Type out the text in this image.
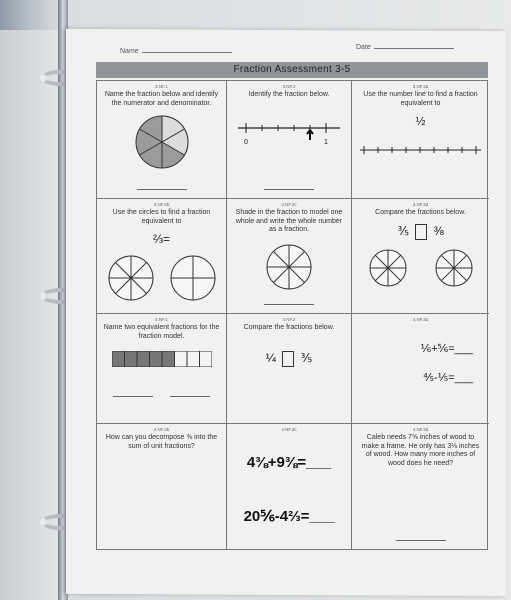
Name
Date
Fraction Assessment 3-5
3.NF.1
Name the fraction below and identify the numerator and denominator.
3.NF.2
Identify the fraction below.
0	1
3.NF.3a
Use the number line to find a fraction equivalent to
½
3.NF.3b
Use the circles to find a fraction equivalent to
⅔=
3.NF.3c
Shade in the fraction to model one whole and write the whole number as a fraction.
3.NF.3d
Compare the fractions below.
⅗ ⅜
4.NF.1
Name two equivalent fractions for the fraction model.
4.NF.2
Compare the fractions below.
¼ ⅗
4.NF.3a
⅙+⅚=___
⅘-⅕=___
4.NF.3b
How can you decompose ⅜ into the sum of unit fractions?
4.NF.3c
4⅜+9⅜=___
20⅚-4⅔=___
4.NF.3d
Caleb needs 7⅝ inches of wood to make a frame. He only has 3⅛ inches of wood. How many more inches of wood does he need?
